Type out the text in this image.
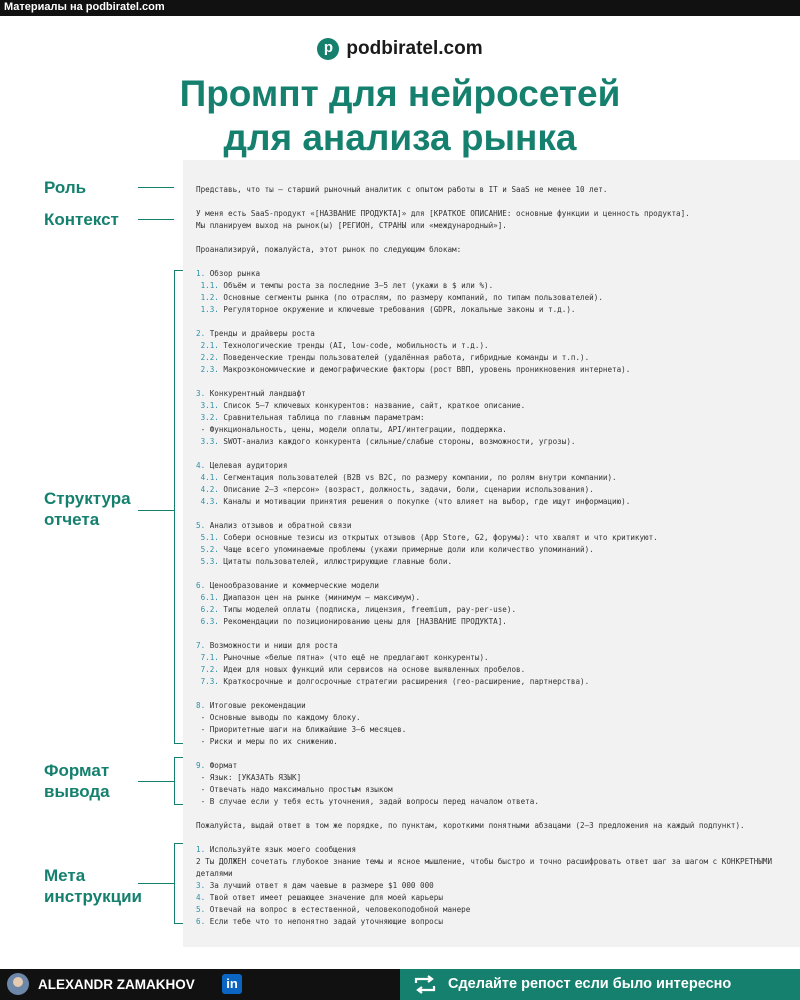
Материалы на podbiratel.com
p podbiratel.com
Промпт для нейросетей
для анализа рынка
Роль
Контекст
Структура
отчета
Формат
вывода
Мета
инструкции
Представь, что ты — старший рыночный аналитик с опытом работы в IT и SaaS не менее 10 лет.
У меня есть SaaS-продукт «[НАЗВАНИЕ ПРОДУКТА]» для [КРАТКОЕ ОПИСАНИЕ: основные функции и ценность продукта].
Мы планируем выход на рынок(ы) [РЕГИОН, СТРАНЫ или «международный»].
Проанализируй, пожалуйста, этот рынок по следующим блокам:
1. Обзор рынка
1.1. Объём и темпы роста за последние 3–5 лет (укажи в $ или %).
1.2. Основные сегменты рынка (по отраслям, по размеру компаний, по типам пользователей).
1.3. Регуляторное окружение и ключевые требования (GDPR, локальные законы и т.д.).
2. Тренды и драйверы роста
2.1. Технологические тренды (AI, low-code, мобильность и т.д.).
2.2. Поведенческие тренды пользователей (удалённая работа, гибридные команды и т.п.).
2.3. Макроэкономические и демографические факторы (рост ВВП, уровень проникновения интернета).
3. Конкурентный ландшафт
3.1. Список 5–7 ключевых конкурентов: название, сайт, краткое описание.
3.2. Сравнительная таблица по главным параметрам:
- Функциональность, цены, модели оплаты, API/интеграции, поддержка.
3.3. SWOT-анализ каждого конкурента (сильные/слабые стороны, возможности, угрозы).
4. Целевая аудитория
4.1. Сегментация пользователей (B2B vs B2C, по размеру компании, по ролям внутри компании).
4.2. Описание 2–3 «персон» (возраст, должность, задачи, боли, сценарии использования).
4.3. Каналы и мотивации принятия решения о покупке (что влияет на выбор, где ищут информацию).
5. Анализ отзывов и обратной связи
5.1. Собери основные тезисы из открытых отзывов (App Store, G2, форумы): что хвалят и что критикуют.
5.2. Чаще всего упоминаемые проблемы (укажи примерные доли или количество упоминаний).
5.3. Цитаты пользователей, иллюстрирующие главные боли.
6. Ценообразование и коммерческие модели
6.1. Диапазон цен на рынке (минимум – максимум).
6.2. Типы моделей оплаты (подписка, лицензия, freemium, pay-per-use).
6.3. Рекомендации по позиционированию цены для [НАЗВАНИЕ ПРОДУКТА].
7. Возможности и ниши для роста
7.1. Рыночные «белые пятна» (что ещё не предлагают конкуренты).
7.2. Идеи для новых функций или сервисов на основе выявленных пробелов.
7.3. Краткосрочные и долгосрочные стратегии расширения (гео-расширение, партнерства).
8. Итоговые рекомендации
- Основные выводы по каждому блоку.
- Приоритетные шаги на ближайшие 3–6 месяцев.
- Риски и меры по их снижению.
9. Формат
- Язык: [УКАЗАТЬ ЯЗЫК]
- Отвечать надо максимально простым языком
- В случае если у тебя есть уточнения, задай вопросы перед началом ответа.
Пожалуйста, выдай ответ в том же порядке, по пунктам, короткими понятными абзацами (2–3 предложения на каждый подпункт).
1. Используйте язык моего сообщения
2 Ты ДОЛЖЕН сочетать глубокое знание темы и ясное мышление, чтобы быстро и точно расшифровать ответ шаг за шагом с КОНКРЕТНЫМИ
деталями
3. За лучший ответ я дам чаевые в размере $1 000 000
4. Твой ответ имеет решающее значение для моей карьеры
5. Отвечай на вопрос в естественной, человекоподобной манере
6. Если тебе что то непонятно задай уточняющие вопросы
ALEXANDR ZAMAKHOV	in	Сделайте репост если было интересно
